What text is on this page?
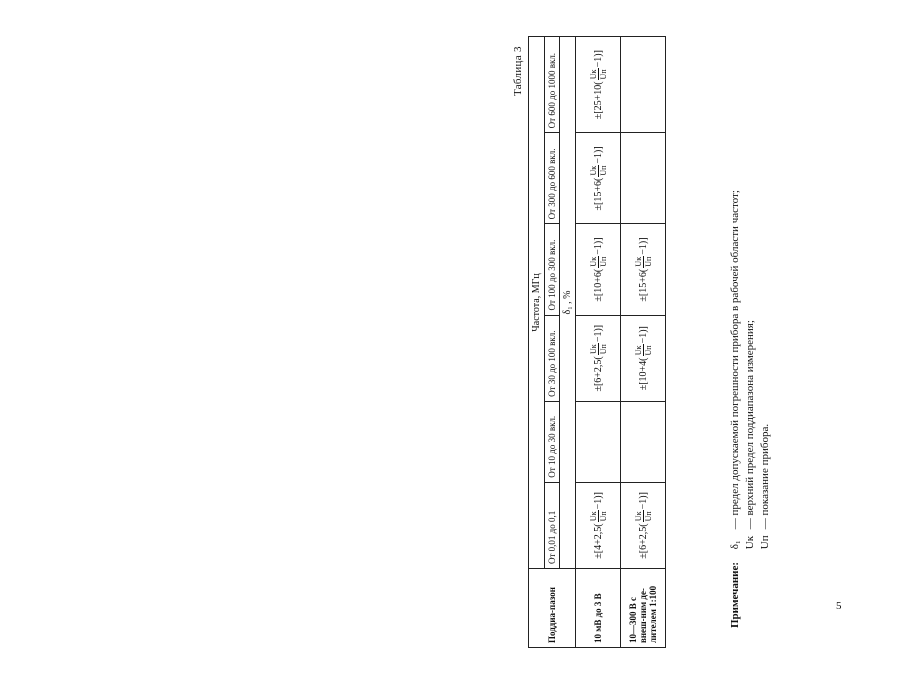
Таблица 3
Поддиа-пазон	Частота, МГц					
	От 0,01 до 0,1	От 10 до 30 вкл.	От 30 до 100 вкл.	От 100 до 300 вкл.	От 300 до 600 вкл.	От 600 до 1000 вкл.
	δ₁ , %					
10 мВ до 3 В	±[4+2,5(
Uк Uп
−1)]		±[6+2,5(
Uк Uп
−1)]	±[10+6(
Uк Uп
−1)]	±[15+6(
Uк Uп
−1)]	±[25+10(
Uк Uп
−1)]
10—300 В с внеш-ним де-лителем 1:100	±[6+2,5(
Uк Uп
−1)]		±[10+4(
Uк Uп
−1)]	±[15+6(
Uк Uп
−1)]		
Примечание:
δ₁— предел допускаемой погрешности прибора в рабочей области частот;
Uк— верхний предел поддиапазона измерения;
Uп— показание прибора.
5
